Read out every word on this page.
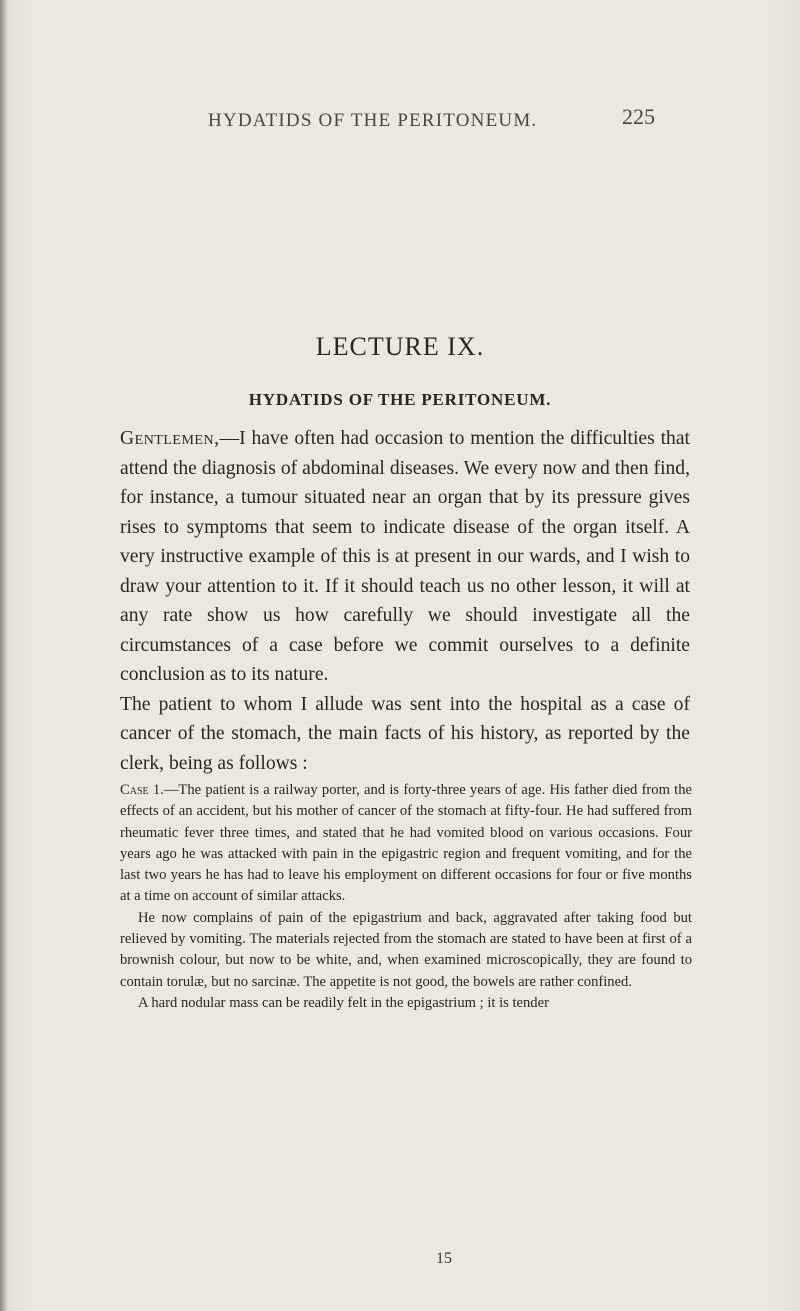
HYDATIDS OF THE PERITONEUM.	225
LECTURE IX.
HYDATIDS OF THE PERITONEUM.

Gentlemen,—I have often had occasion to mention the difficulties that attend the diagnosis of abdominal diseases. We every now and then find, for instance, a tumour situated near an organ that by its pressure gives rises to symptoms that seem to indicate disease of the organ itself. A very instructive example of this is at present in our wards, and I wish to draw your attention to it. If it should teach us no other lesson, it will at any rate show us how carefully we should investigate all the circumstances of a case before we commit ourselves to a definite conclusion as to its nature.

The patient to whom I allude was sent into the hospital as a case of cancer of the stomach, the main facts of his history, as reported by the clerk, being as follows :

Case 1.—The patient is a railway porter, and is forty-three years of age. His father died from the effects of an accident, but his mother of cancer of the stomach at fifty-four. He had suffered from rheumatic fever three times, and stated that he had vomited blood on various occasions. Four years ago he was attacked with pain in the epigastric region and frequent vomiting, and for the last two years he has had to leave his employment on different occasions for four or five months at a time on account of similar attacks.

He now complains of pain of the epigastrium and back, aggravated after taking food but relieved by vomiting. The materials rejected from the stomach are stated to have been at first of a brownish colour, but now to be white, and, when examined microscopically, they are found to contain torulæ, but no sarcinæ. The appetite is not good, the bowels are rather confined.

A hard nodular mass can be readily felt in the epigastrium ; it is tender

15
